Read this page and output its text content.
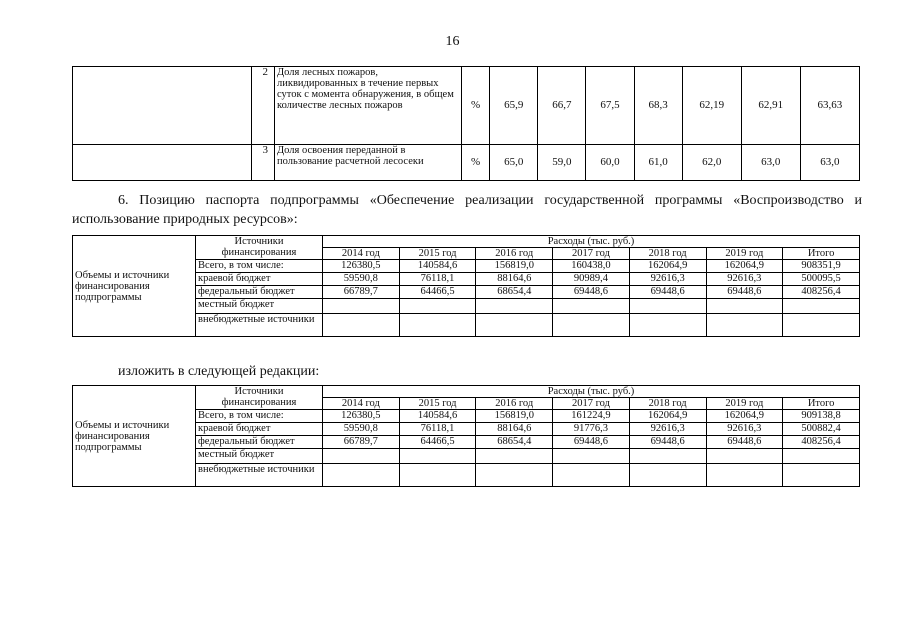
16
	2	Доля лесных пожаров, ликвидированных в течение первых суток с момента обнаружения, в общем количестве лесных пожаров	%	65,9	66,7	67,5	68,3	62,19	62,91	63,63
	3	Доля освоения переданной в пользование расчетной лесосеки	%	65,0	59,0	60,0	61,0	62,0	63,0	63,0
6. Позицию паспорта подпрограммы «Обеспечение реализации государственной программы «Воспроизводство и использование природных ресурсов»:
Объемы и источники финансирования подпрограммы	Источники финансирования	Расходы (тыс. руб.)						
		2014 год	2015 год	2016 год	2017 год	2018 год	2019 год	Итого
	Всего, в том числе:	126380,5	140584,6	156819,0	160438,0	162064,9	162064,9	908351,9
	краевой бюджет	59590,8	76118,1	88164,6	90989,4	92616,3	92616,3	500095,5
	федеральный бюджет	66789,7	64466,5	68654,4	69448,6	69448,6	69448,6	408256,4
	местный бюджет							
	внебюджетные источники							
изложить в следующей редакции:
Объемы и источники финансирования подпрограммы	Источники финансирования	Расходы (тыс. руб.)						
		2014 год	2015 год	2016 год	2017 год	2018 год	2019 год	Итого
	Всего, в том числе:	126380,5	140584,6	156819,0	161224,9	162064,9	162064,9	909138,8
	краевой бюджет	59590,8	76118,1	88164,6	91776,3	92616,3	92616,3	500882,4
	федеральный бюджет	66789,7	64466,5	68654,4	69448,6	69448,6	69448,6	408256,4
	местный бюджет							
	внебюджетные источники							
